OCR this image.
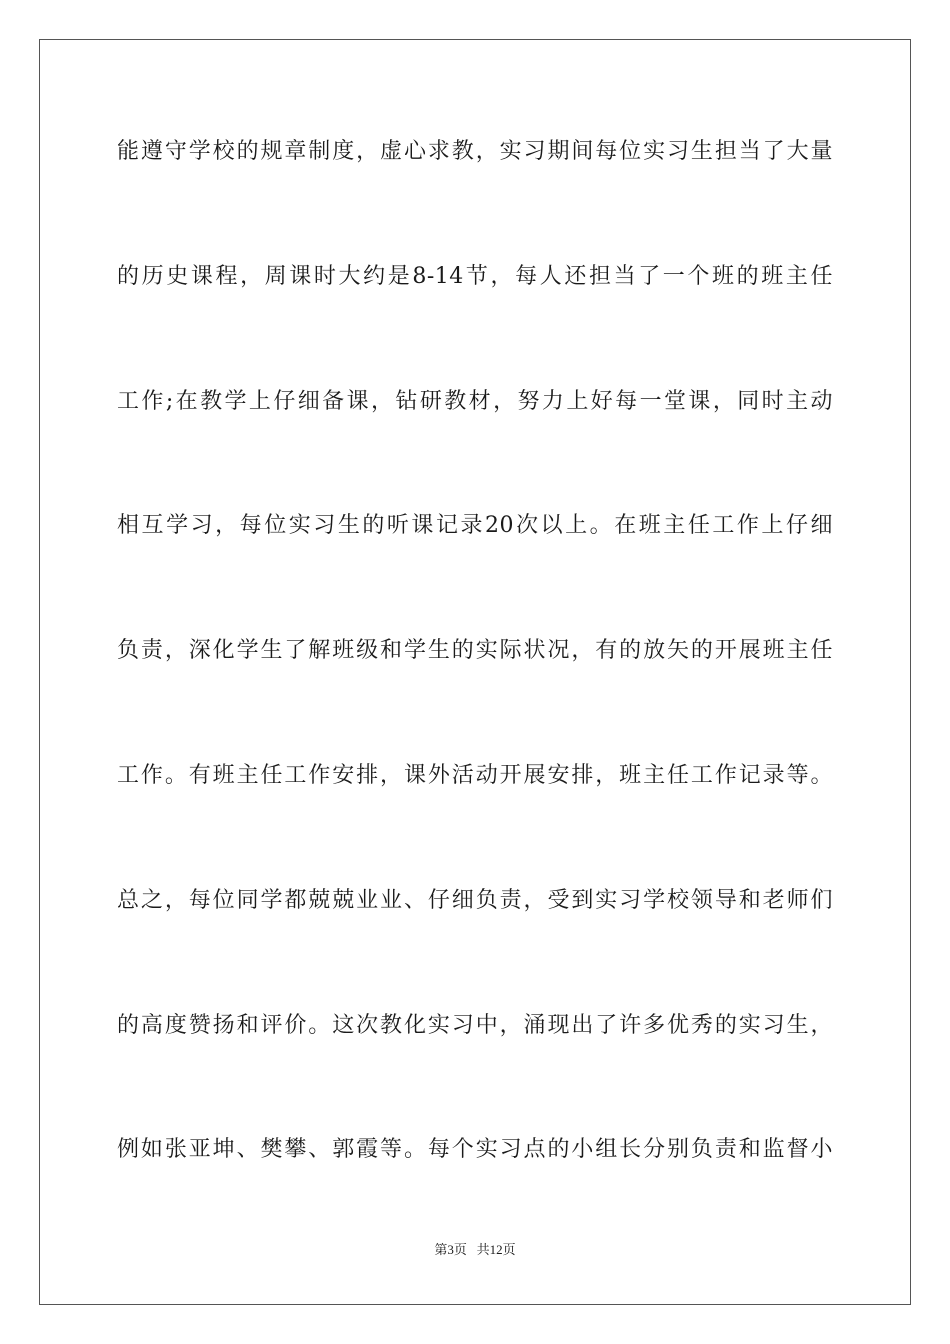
能遵守学校的规章制度，虚心求教，实习期间每位实习生担当了大量
的历史课程，周课时大约是8-14节，每人还担当了一个班的班主任
工作;在教学上仔细备课，钻研教材，努力上好每一堂课，同时主动
相互学习，每位实习生的听课记录20次以上。在班主任工作上仔细
负责，深化学生了解班级和学生的实际状况，有的放矢的开展班主任
工作。有班主任工作安排，课外活动开展安排，班主任工作记录等。
总之，每位同学都兢兢业业、仔细负责，受到实习学校领导和老师们
的高度赞扬和评价。这次教化实习中，涌现出了许多优秀的实习生，
例如张亚坤、樊攀、郭霞等。每个实习点的小组长分别负责和监督小
第3页   共12页
